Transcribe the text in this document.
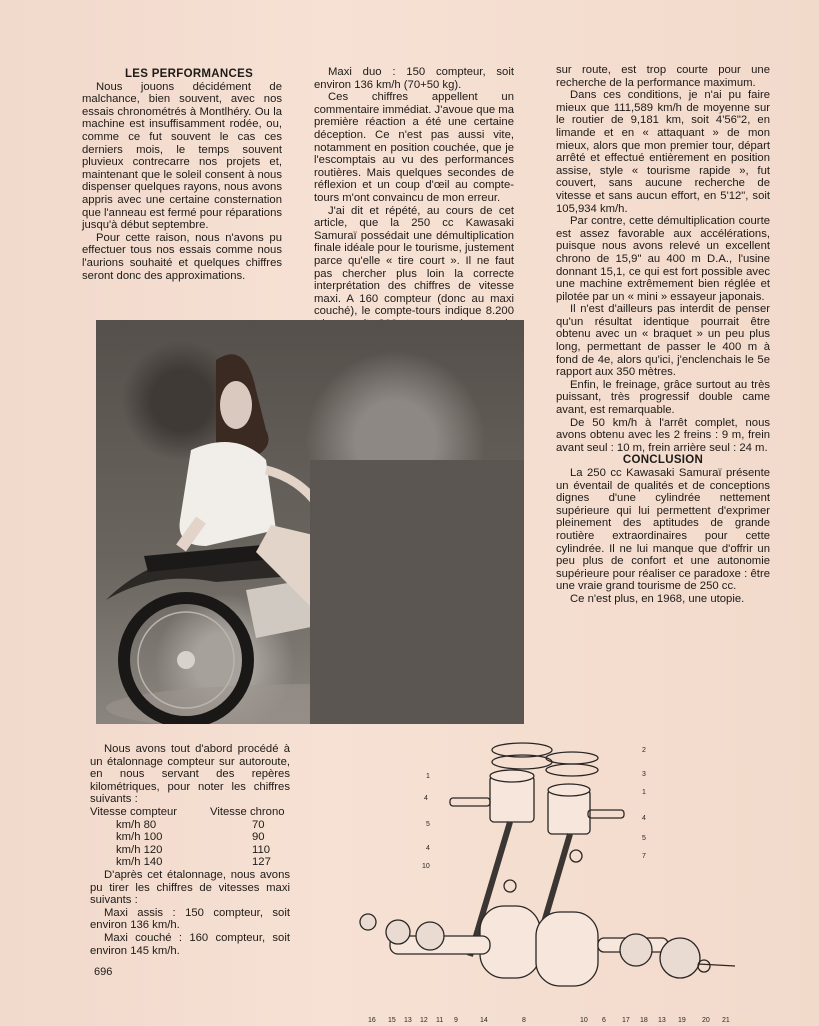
LES PERFORMANCES

Nous jouons décidément de malchance, bien souvent, avec nos essais chronométrés à Montlhéry. Ou la machine est insuffisamment rodée, ou, comme ce fut souvent le cas ces derniers mois, le temps souvent pluvieux contrecarre nos projets et, maintenant que le soleil consent à nous dispenser quelques rayons, nous avons appris avec une certaine consternation que l'anneau est fermé pour réparations jusqu'à début septembre.

Pour cette raison, nous n'avons pu effectuer tous nos essais comme nous l'aurions souhaité et quelques chiffres seront donc des approximations.

Maxi duo : 150 compteur, soit environ 136 km/h (70+50 kg).

Ces chiffres appellent un commentaire immédiat. J'avoue que ma première réaction a été une certaine déception. Ce n'est pas aussi vite, notamment en position couchée, que je l'escomptais au vu des performances routières. Mais quelques secondes de réflexion et un coup d'œil au compte-tours m'ont convaincu de mon erreur.

J'ai dit et répété, au cours de cet article, que la 250 cc Kawasaki Samuraï possédait une démultiplication finale idéale pour le tourisme, justement parce qu'elle « tire court ». Il ne faut pas chercher plus loin la correcte interprétation des chiffres de vitesse maxi. A 160 compteur (donc au maxi couché), le compte-tours indique 8.200

sur route, est trop courte pour une recherche de la performance maximum.

Dans ces conditions, je n'ai pu faire mieux que 111,589 km/h de moyenne sur le routier de 9,181 km, soit 4'56"2, en limande et en « attaquant » de mon mieux, alors que mon premier tour, départ arrêté et effectué entièrement en position assise, style « tourisme rapide », fut couvert, sans aucune recherche de vitesse et sans aucun effort, en 5'12", soit 105,934 km/h.

Par contre, cette démultiplication courte est assez favorable aux accélérations, puisque nous avons relevé un excellent chrono de 15,9" au 400 m D.A., l'usine donnant 15,1, ce qui est fort possible avec une machine extrêmement bien réglée et pilotée par un « mini » essayeur japonais.

Il n'est d'ailleurs pas interdit de penser qu'un résultat identique pourrait être obtenu avec un « braquet » un peu plus long, permettant de passer le 400 m à fond de 4e, alors qu'ici, j'enclenchais le 5e rapport aux 350 mètres.

Enfin, le freinage, grâce surtout au très puissant, très progressif double came avant, est remarquable.

De 50 km/h à l'arrêt complet, nous avons obtenu avec les 2 freins : 9 m, frein avant seul : 10 m, frein arrière seul : 24 m.

CONCLUSION

La 250 cc Kawasaki Samuraï présente un éventail de qualités et de conceptions dignes d'une cylindrée nettement supérieure qui lui permettent d'exprimer pleinement des aptitudes de grande routière extraordinaires pour cette cylindrée. Il ne lui manque que d'offrir un peu plus de confort et une autonomie supérieure pour réaliser ce paradoxe : être une vraie grand tourisme de 250 cc.

Ce n'est plus, en 1968, une utopie.

Nous avons tout d'abord procédé à un étalonnage compteur sur autoroute, en nous servant des repères kilométriques, pour noter les chiffres suivants :

Vitesse compteur	Vitesse chrono
km/h 80	70
km/h 100	90
km/h 120	110
km/h 140	127

D'après cet étalonnage, nous avons pu tirer les chiffres de vitesses maxi suivants :

Maxi assis : 150 compteur, soit environ 136 km/h.

Maxi couché : 160 compteur, soit environ 145 km/h.

2
3
1
1
4
4
5
5
4
7
10
16 15 13 12 11 9	14	8	10 6 17 18 13 19 20 21
696
